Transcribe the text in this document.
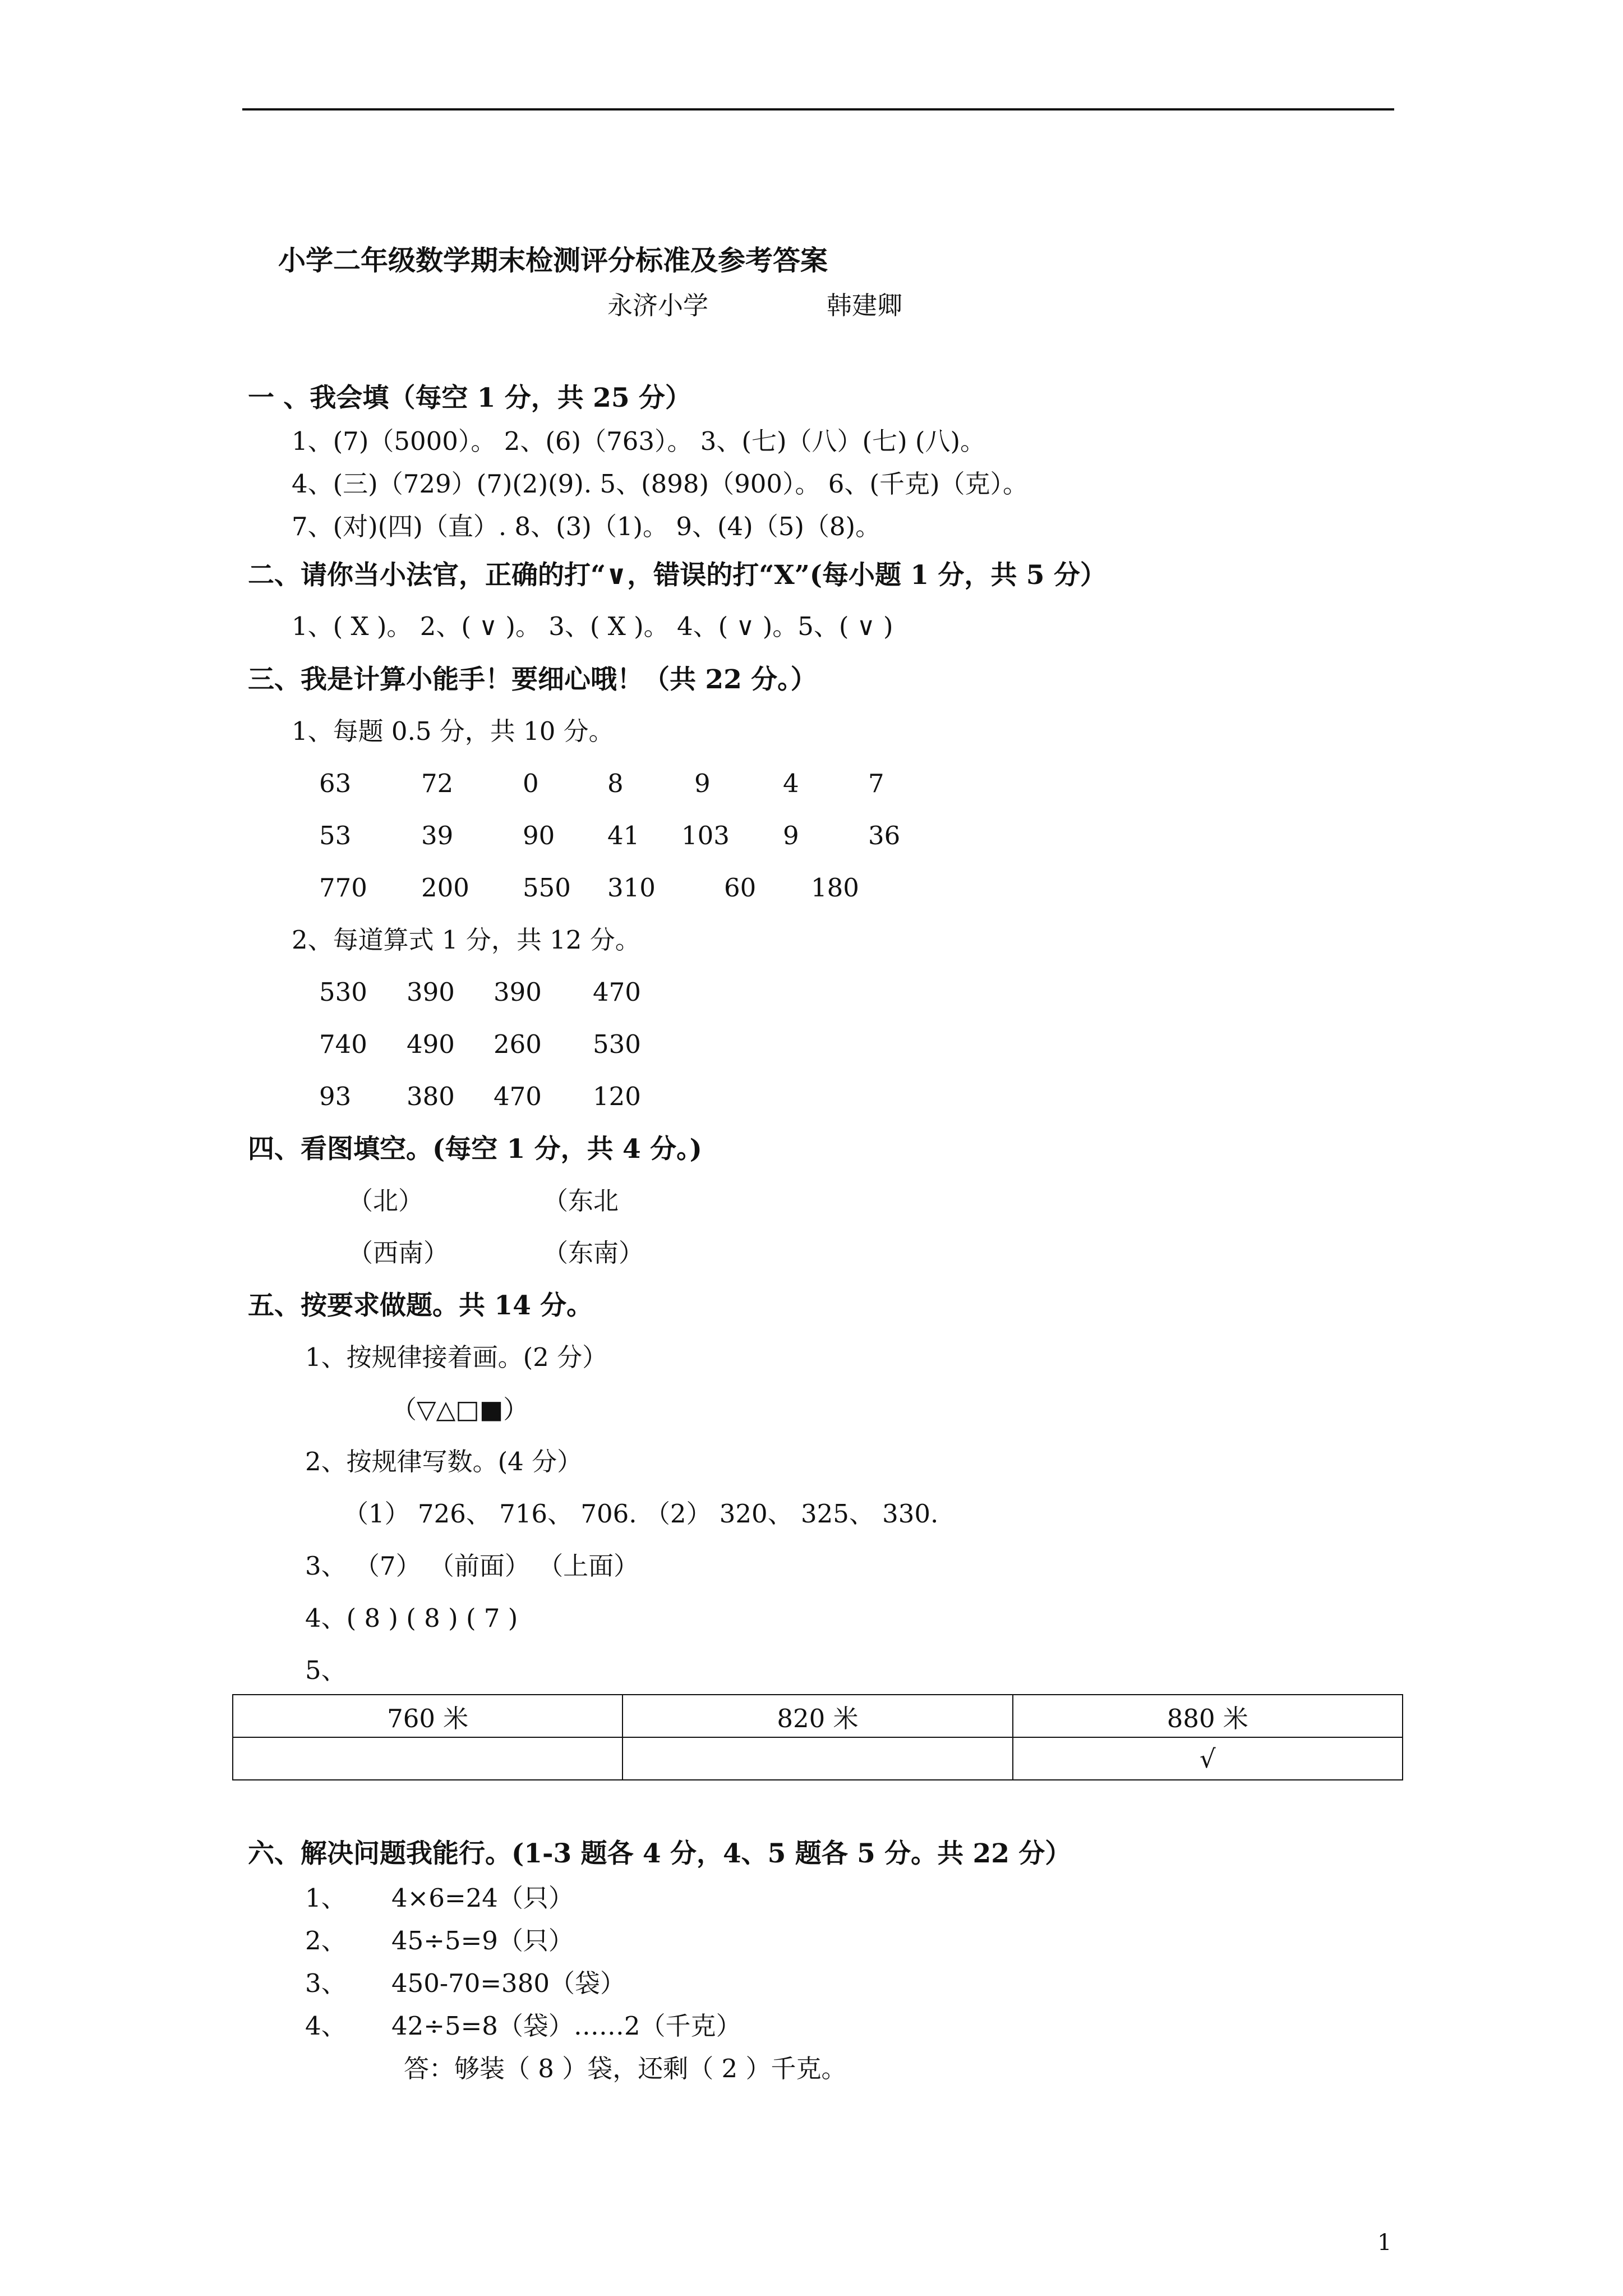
小学二年级数学期末检测评分标准及参考答案
永济小学	韩建卿
一 、我会填（每空 1 分，共 25 分）
1、(7)（5000）。 2、(6)（763）。 3、(七)（八）(七) (八)。
4、(三)（729）(7)(2)(9). 5、(898)（900）。 6、(千克)（克）。
7、(对)(四)（直）. 8、(3)（1)。 9、(4)（5)（8)。
二、请你当小法官，正确的打“∨，错误的打“X”(每小题 1 分，共 5 分）
1、( X )。 2、( ∨ )。 3、( X )。 4、( ∨ )。5、( ∨ )
三、我是计算小能手！要细心哦！（共 22 分。）
1、每题 0.5 分，共 10 分。
63	72	0	8	9	4	7
53	39	90	41	103	9	36
770	200	550	310	60	180
2、每道算式 1 分，共 12 分。
530	390	390	470
740	490	260	530
93	380	470	120
四、看图填空。(每空 1 分，共 4 分。)
（北）	（东北
（西南）	（东南）
五、按要求做题。共 14 分。
1、按规律接着画。(2 分）
（▽△□■）
2、按规律写数。(4 分）
（1） 726、 716、 706. （2） 320、 325、 330.
3、 （7） （前面） （上面）
4、( 8 ) ( 8 ) ( 7 )
5、
760 米	820 米	880 米
		√
六、解决问题我能行。(1-3 题各 4 分，4、5 题各 5 分。共 22 分）
1、 4×6=24（只）
2、 45÷5=9（只）
3、 450-70=380（袋）
4、 42÷5=8（袋）……2（千克）
答：够装（ 8 ）袋，还剩（ 2 ）千克。
1
